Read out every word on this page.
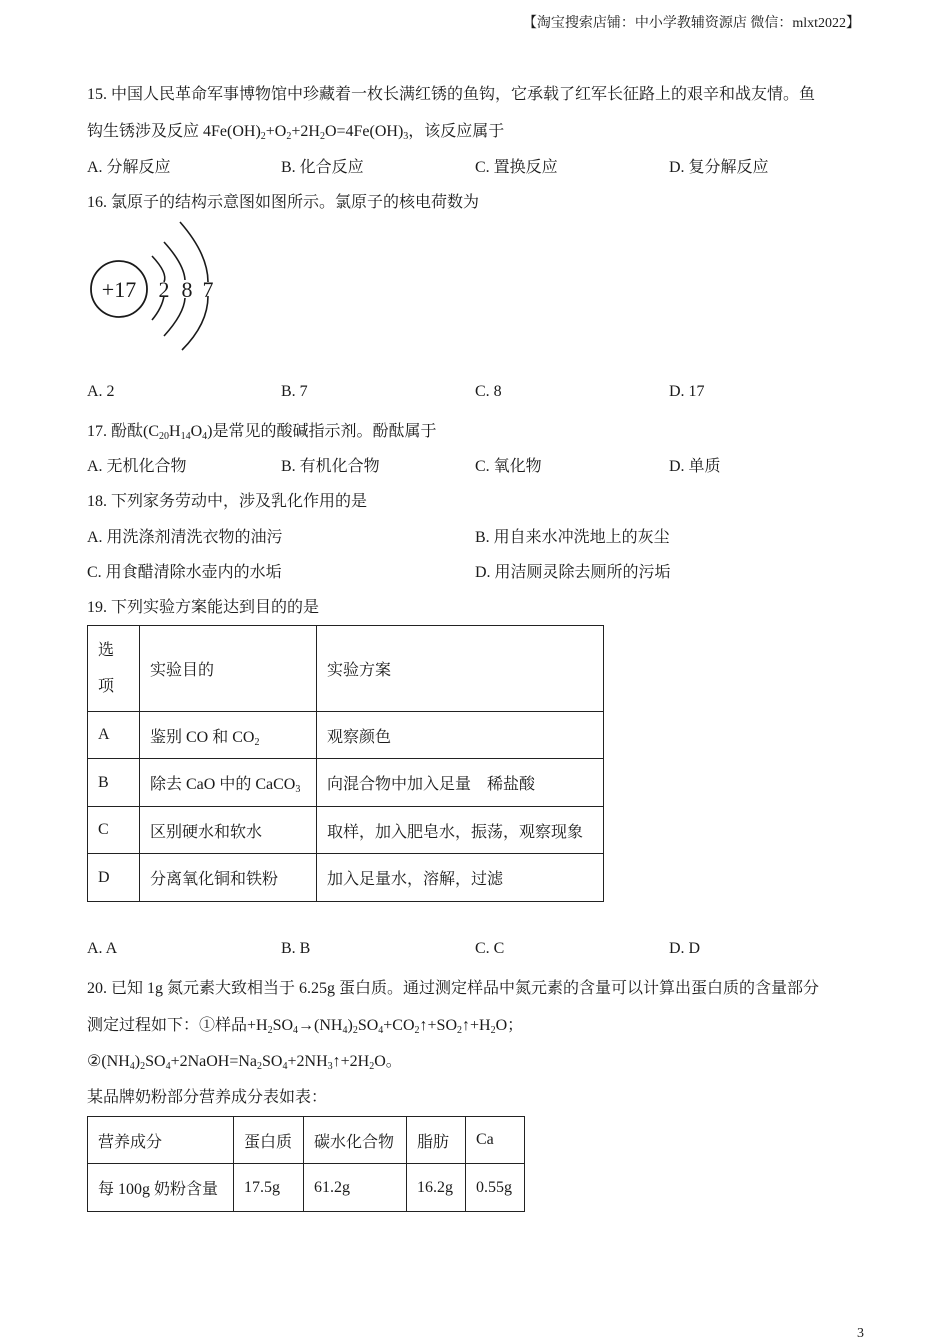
【淘宝搜索店铺：中小学教辅资源店 微信：mlxt2022】
15. 中国人民革命军事博物馆中珍藏着一枚长满红锈的鱼钩，它承载了红军长征路上的艰辛和战友情。鱼
钩生锈涉及反应 $4Fe(OH)_2+O_2+2H_2O=4Fe(OH)_3$，该反应属于
A. 分解反应	B. 化合反应	C. 置换反应	D. 复分解反应
16. 氯原子的结构示意图如图所示。氯原子的核电荷数为
+17 2 8 7
A. 2	B. 7	C. 8	D. 17
17. 酚酞$(C_{20}H_{14}O_4)$是常见的酸碱指示剂。酚酞属于
A. 无机化合物	B. 有机化合物	C. 氧化物	D. 单质
18. 下列家务劳动中，涉及乳化作用的是
A. 用洗涤剂清洗衣物的油污	B. 用自来水冲洗地上的灰尘
C. 用食醋清除水壶内的水垢	D. 用洁厕灵除去厕所的污垢
19. 下列实验方案能达到目的的是
选
项	实验目的	实验方案
A	鉴别 CO 和 $CO_2$	观察颜色
B	除去 CaO 中的 CaCO$_3$	向混合物中加入足量　稀盐酸
C	区别硬水和软水	取样，加入肥皂水，振荡，观察现象
D	分离氧化铜和铁粉	加入足量水，溶解，过滤
A. A	B. B	C. C	D. D
20. 已知 1g 氮元素大致相当于 6.25g 蛋白质。通过测定样品中氮元素的含量可以计算出蛋白质的含量部分
测定过程如下：①样品$+H_2SO_4\to(NH_4)_2SO_4+CO_2↑+SO_2↑+H_2O$；
$②(NH_4)_2SO_4+2NaOH=Na_2SO_4+2NH_3↑+2H_2O$。
某品牌奶粉部分营养成分表如表：
营养成分	蛋白质	碳水化合物	脂肪	Ca
每 100g 奶粉含量	17.5g	61.2g	16.2g	0.55g
3
